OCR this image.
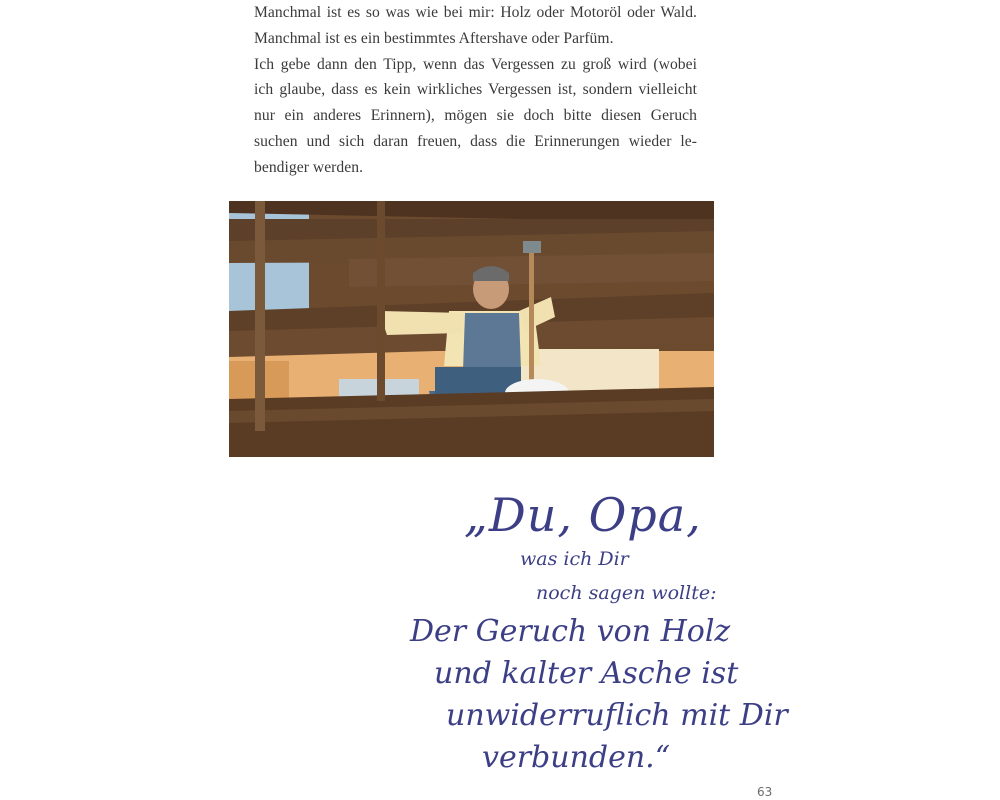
Manchmal ist es so was wie bei mir: Holz oder Motoröl oder Wald.
Manchmal ist es ein bestimmtes Aftershave oder Parfüm.

Ich gebe dann den Tipp, wenn das Vergessen zu groß wird (wobei
ich glaube, dass es kein wirkliches Vergessen ist, sondern vielleicht
nur ein anderes Erinnern), mögen sie doch bitte diesen Geruch
suchen und sich daran freuen, dass die Erinnerungen wieder le-
bendiger werden.

„Du, Opa,
was ich Dir
noch sagen wollte:
Der Geruch von Holz
und kalter Asche ist
unwiderruflich mit Dir
verbunden.“
63
